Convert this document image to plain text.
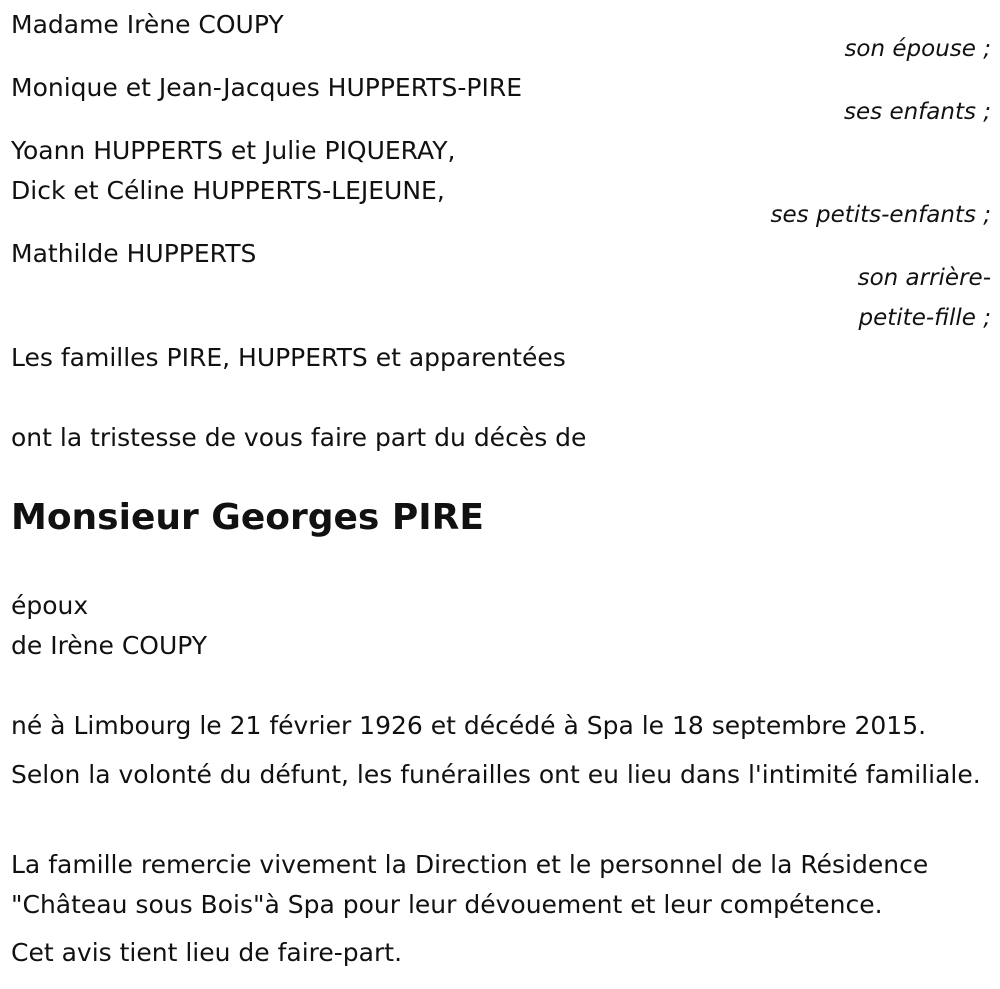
Madame Irène COUPY
son épouse ;
Monique et Jean-Jacques HUPPERTS-PIRE
ses enfants ;
Yoann HUPPERTS et Julie PIQUERAY,
Dick et Céline HUPPERTS-LEJEUNE,
ses petits-enfants ;
Mathilde HUPPERTS
son arrière-
petite-fille ;
Les familles PIRE, HUPPERTS et apparentées
ont la tristesse de vous faire part du décès de
Monsieur Georges PIRE
époux
de Irène COUPY
né à Limbourg le 21 février 1926 et décédé à Spa le 18 septembre 2015.

Selon la volonté du défunt, les funérailles ont eu lieu dans l'intimité familiale.

La famille remercie vivement la Direction et le personnel de la Résidence "Château sous Bois"à Spa pour leur dévouement et leur compétence.

Cet avis tient lieu de faire-part.
